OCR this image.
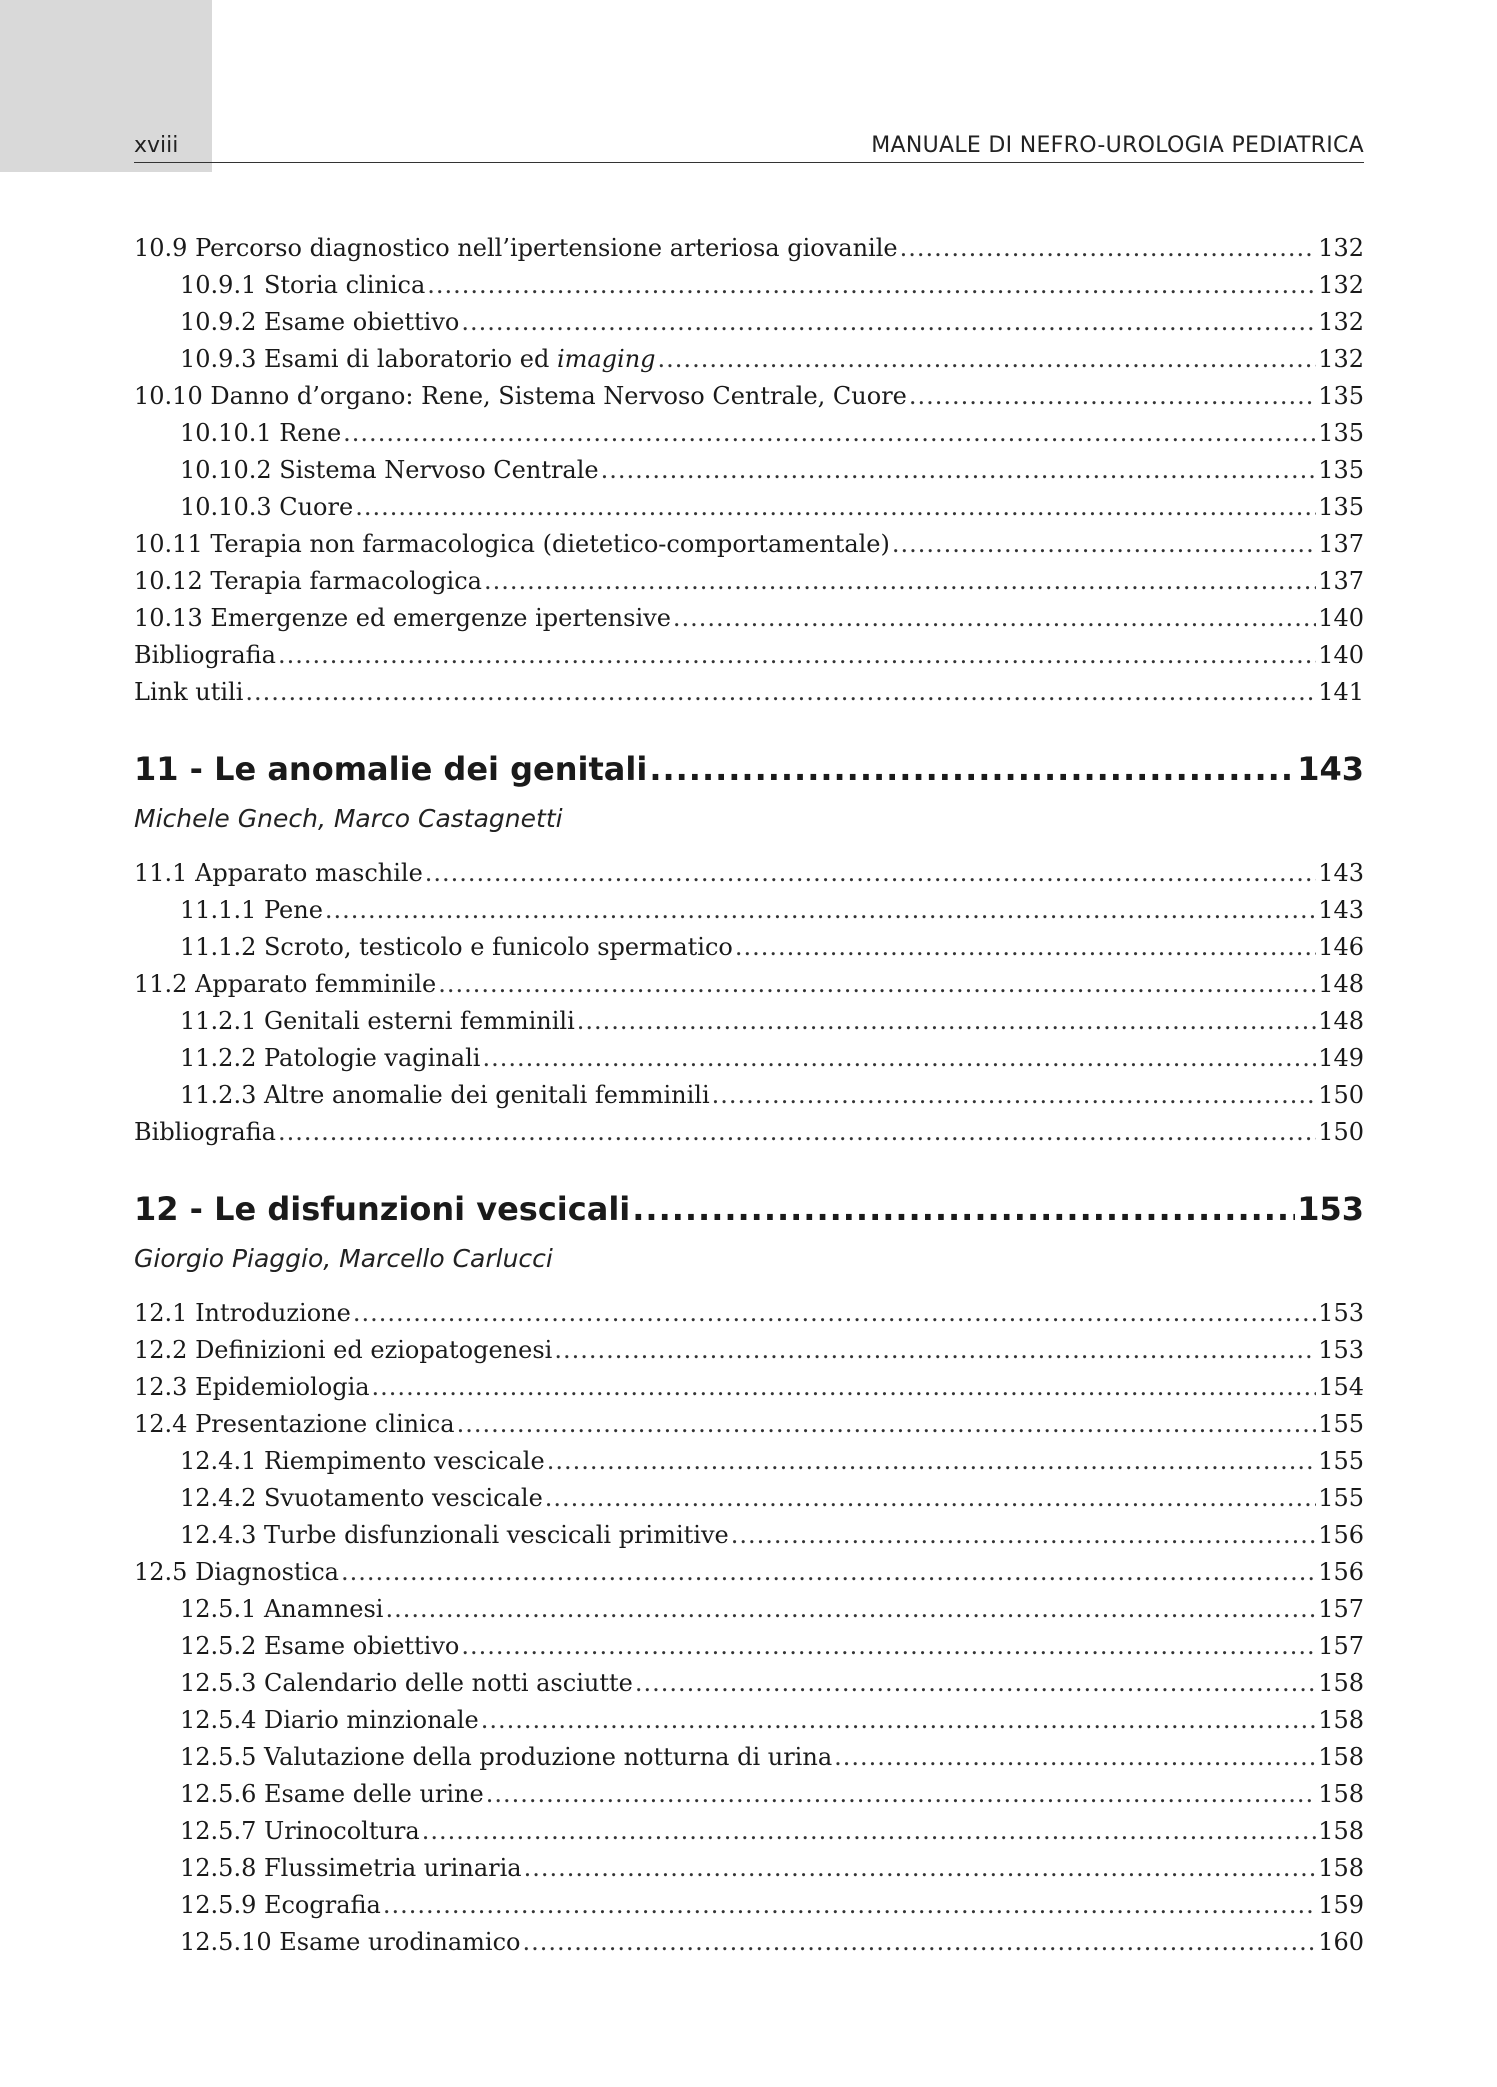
xviii	MANUALE DI NEFRO-UROLOGIA PEDIATRICA
10.9 Percorso diagnostico nell’ipertensione arteriosa giovanile .....	132
10.9.1 Storia clinica .....	132
10.9.2 Esame obiettivo .....	132
10.9.3 Esami di laboratorio ed imaging .....	132
10.10 Danno d’organo: Rene, Sistema Nervoso Centrale, Cuore .....	135
10.10.1 Rene .....	135
10.10.2 Sistema Nervoso Centrale .....	135
10.10.3 Cuore .....	135
10.11 Terapia non farmacologica (dietetico-comportamentale) .....	137
10.12 Terapia farmacologica .....	137
10.13 Emergenze ed emergenze ipertensive .....	140
Bibliografia .....	140
Link utili .....	141
11 - Le anomalie dei genitali .....	143
Michele Gnech, Marco Castagnetti
11.1 Apparato maschile .....	143
11.1.1 Pene .....	143
11.1.2 Scroto, testicolo e funicolo spermatico .....	146
11.2 Apparato femminile .....	148
11.2.1 Genitali esterni femminili .....	148
11.2.2 Patologie vaginali .....	149
11.2.3 Altre anomalie dei genitali femminili .....	150
Bibliografia .....	150
12 - Le disfunzioni vescicali .....	153
Giorgio Piaggio, Marcello Carlucci
12.1 Introduzione .....	153
12.2 Definizioni ed eziopatogenesi .....	153
12.3 Epidemiologia .....	154
12.4 Presentazione clinica .....	155
12.4.1 Riempimento vescicale .....	155
12.4.2 Svuotamento vescicale .....	155
12.4.3 Turbe disfunzionali vescicali primitive .....	156
12.5 Diagnostica .....	156
12.5.1 Anamnesi .....	157
12.5.2 Esame obiettivo .....	157
12.5.3 Calendario delle notti asciutte .....	158
12.5.4 Diario minzionale .....	158
12.5.5 Valutazione della produzione notturna di urina .....	158
12.5.6 Esame delle urine .....	158
12.5.7 Urinocoltura .....	158
12.5.8 Flussimetria urinaria .....	158
12.5.9 Ecografia .....	159
12.5.10 Esame urodinamico .....	160
